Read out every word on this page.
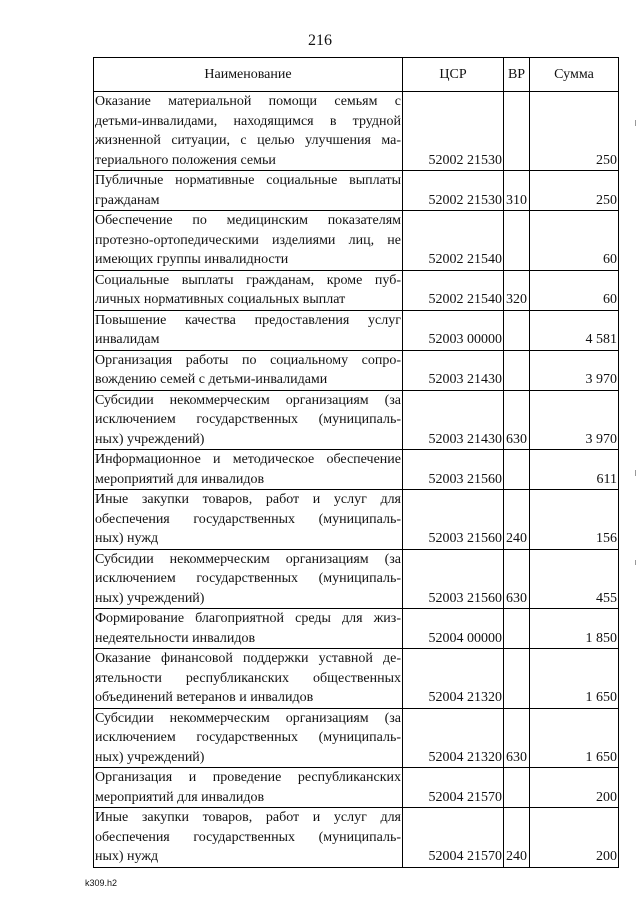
216
Наименование	ЦСР	ВР	Сумма

Оказание материальной помощи семьям с
детьми-инвалидами, находящимся в трудной
жизненной ситуации, с целью улучшения ма-
териального положения семьи	52002 21530		250

Публичные нормативные социальные выплаты
гражданам	52002 21530	310	250

Обеспечение по медицинским показателям
протезно-ортопедическими изделиями лиц, не
имеющих группы инвалидности	52002 21540		60

Социальные выплаты гражданам, кроме пуб-
личных нормативных социальных выплат	52002 21540	320	60

Повышение качества предоставления услуг
инвалидам	52003 00000		4 581

Организация работы по социальному сопро-
вождению семей с детьми-инвалидами	52003 21430		3 970

Субсидии некоммерческим организациям (за
исключением государственных (муниципаль-
ных) учреждений)	52003 21430	630	3 970

Информационное и методическое обеспечение
мероприятий для инвалидов	52003 21560		611

Иные закупки товаров, работ и услуг для
обеспечения государственных (муниципаль-
ных) нужд	52003 21560	240	156

Субсидии некоммерческим организациям (за
исключением государственных (муниципаль-
ных) учреждений)	52003 21560	630	455

Формирование благоприятной среды для жиз-
недеятельности инвалидов	52004 00000		1 850

Оказание финансовой поддержки уставной де-
ятельности республиканских общественных
объединений ветеранов и инвалидов	52004 21320		1 650

Субсидии некоммерческим организациям (за
исключением государственных (муниципаль-
ных) учреждений)	52004 21320	630	1 650

Организация и проведение республиканских
мероприятий для инвалидов	52004 21570		200

Иные закупки товаров, работ и услуг для
обеспечения государственных (муниципаль-
ных) нужд	52004 21570	240	200
k309.h2
